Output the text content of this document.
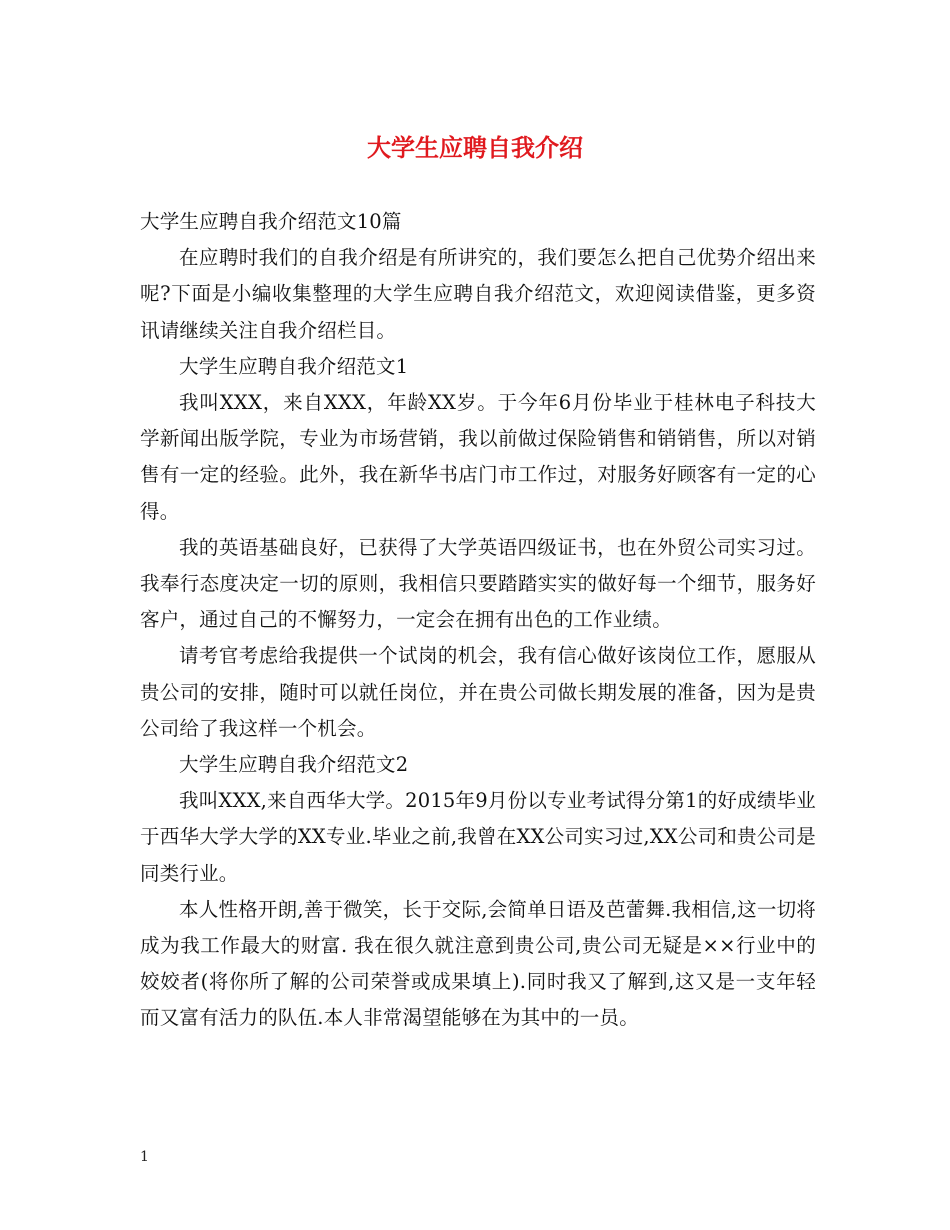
大学生应聘自我介绍

大学生应聘自我介绍范文10篇

在应聘时我们的自我介绍是有所讲究的，我们要怎么把自己优势介绍出来呢?下面是小编收集整理的大学生应聘自我介绍范文，欢迎阅读借鉴，更多资讯请继续关注自我介绍栏目。

大学生应聘自我介绍范文1

我叫XXX，来自XXX，年龄XX岁。于今年6月份毕业于桂林电子科技大学新闻出版学院，专业为市场营销，我以前做过保险销售和销销售，所以对销售有一定的经验。此外，我在新华书店门市工作过，对服务好顾客有一定的心得。

我的英语基础良好，已获得了大学英语四级证书，也在外贸公司实习过。我奉行态度决定一切的原则，我相信只要踏踏实实的做好每一个细节，服务好客户，通过自己的不懈努力，一定会在拥有出色的工作业绩。

请考官考虑给我提供一个试岗的机会，我有信心做好该岗位工作，愿服从贵公司的安排，随时可以就任岗位，并在贵公司做长期发展的准备，因为是贵公司给了我这样一个机会。

大学生应聘自我介绍范文2

我叫XXX,来自西华大学。2015年9月份以专业考试得分第1的好成绩毕业于西华大学大学的XX专业.毕业之前,我曾在XX公司实习过,XX公司和贵公司是同类行业。

本人性格开朗,善于微笑，长于交际,会简单日语及芭蕾舞.我相信,这一切将成为我工作最大的财富. 我在很久就注意到贵公司,贵公司无疑是××行业中的姣姣者(将你所了解的公司荣誉或成果填上).同时我又了解到,这又是一支年轻而又富有活力的队伍.本人非常渴望能够在为其中的一员。

1
